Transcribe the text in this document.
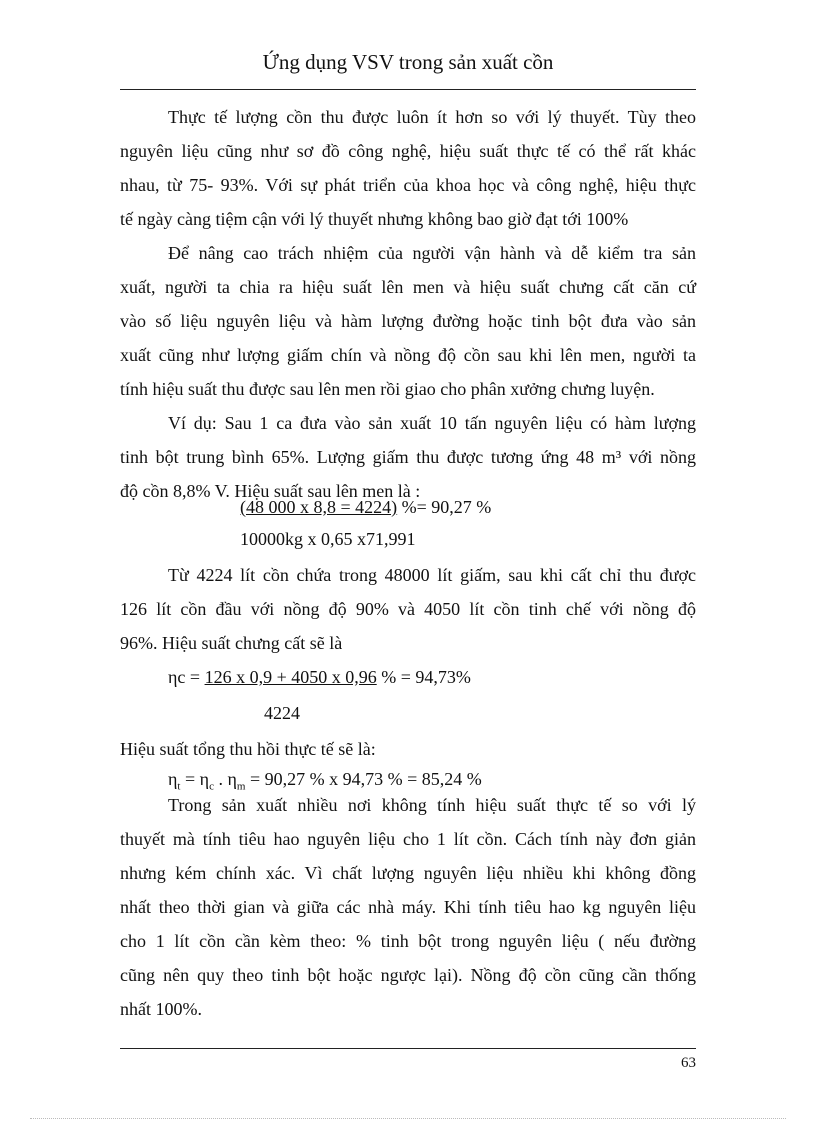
Ứng dụng VSV trong sản xuất cồn
Thực tế lượng cồn thu được luôn ít hơn so với lý thuyết. Tùy theo
nguyên liệu cũng như sơ đồ công nghệ, hiệu suất thực tế có thể rất khác
nhau, từ 75- 93%. Với sự phát triển của khoa học và công nghệ, hiệu thực
tế ngày càng tiệm cận với lý thuyết nhưng không bao giờ đạt tới 100%
Để nâng cao trách nhiệm của người vận hành và dễ kiểm tra sản
xuất, người ta chia ra hiệu suất lên men và hiệu suất chưng cất căn cứ
vào số liệu nguyên liệu và hàm lượng đường hoặc tinh bột đưa vào sản
xuất cũng như lượng giấm chín và nồng độ cồn sau khi lên men, người ta
tính hiệu suất thu được sau lên men rồi giao cho phân xưởng chưng luyện.
Ví dụ: Sau 1 ca đưa vào sản xuất 10 tấn nguyên liệu có hàm lượng
tinh bột trung bình 65%. Lượng giấm thu được tương ứng 48 m³ với nồng
độ cồn 8,8% V. Hiệu suất sau lên men là :
(48 000 x 8,8 = 4224) %= 90,27 %
10000kg x 0,65 x71,991
Từ 4224 lít cồn chứa trong 48000 lít giấm, sau khi cất chỉ thu được
126 lít cồn đầu với nồng độ 90% và 4050 lít cồn tinh chế với nồng độ
96%. Hiệu suất chưng cất sẽ là
ηc = 126 x 0,9 + 4050 x 0,96 % = 94,73%
4224
Hiệu suất tổng thu hồi thực tế sẽ là:
$\eta_t = \eta_c$ . $\eta_m = 90,27$ % x 94,73 % = 85,24 %
Trong sản xuất nhiều nơi không tính hiệu suất thực tế so với lý
thuyết mà tính tiêu hao nguyên liệu cho 1 lít cồn. Cách tính này đơn giản
nhưng kém chính xác. Vì chất lượng nguyên liệu nhiều khi không đồng
nhất theo thời gian và giữa các nhà máy. Khi tính tiêu hao kg nguyên liệu
cho 1 lít cồn cần kèm theo: % tinh bột trong nguyên liệu ( nếu đường
cũng nên quy theo tinh bột hoặc ngược lại). Nồng độ cồn cũng cần thống
nhất 100%.
63
